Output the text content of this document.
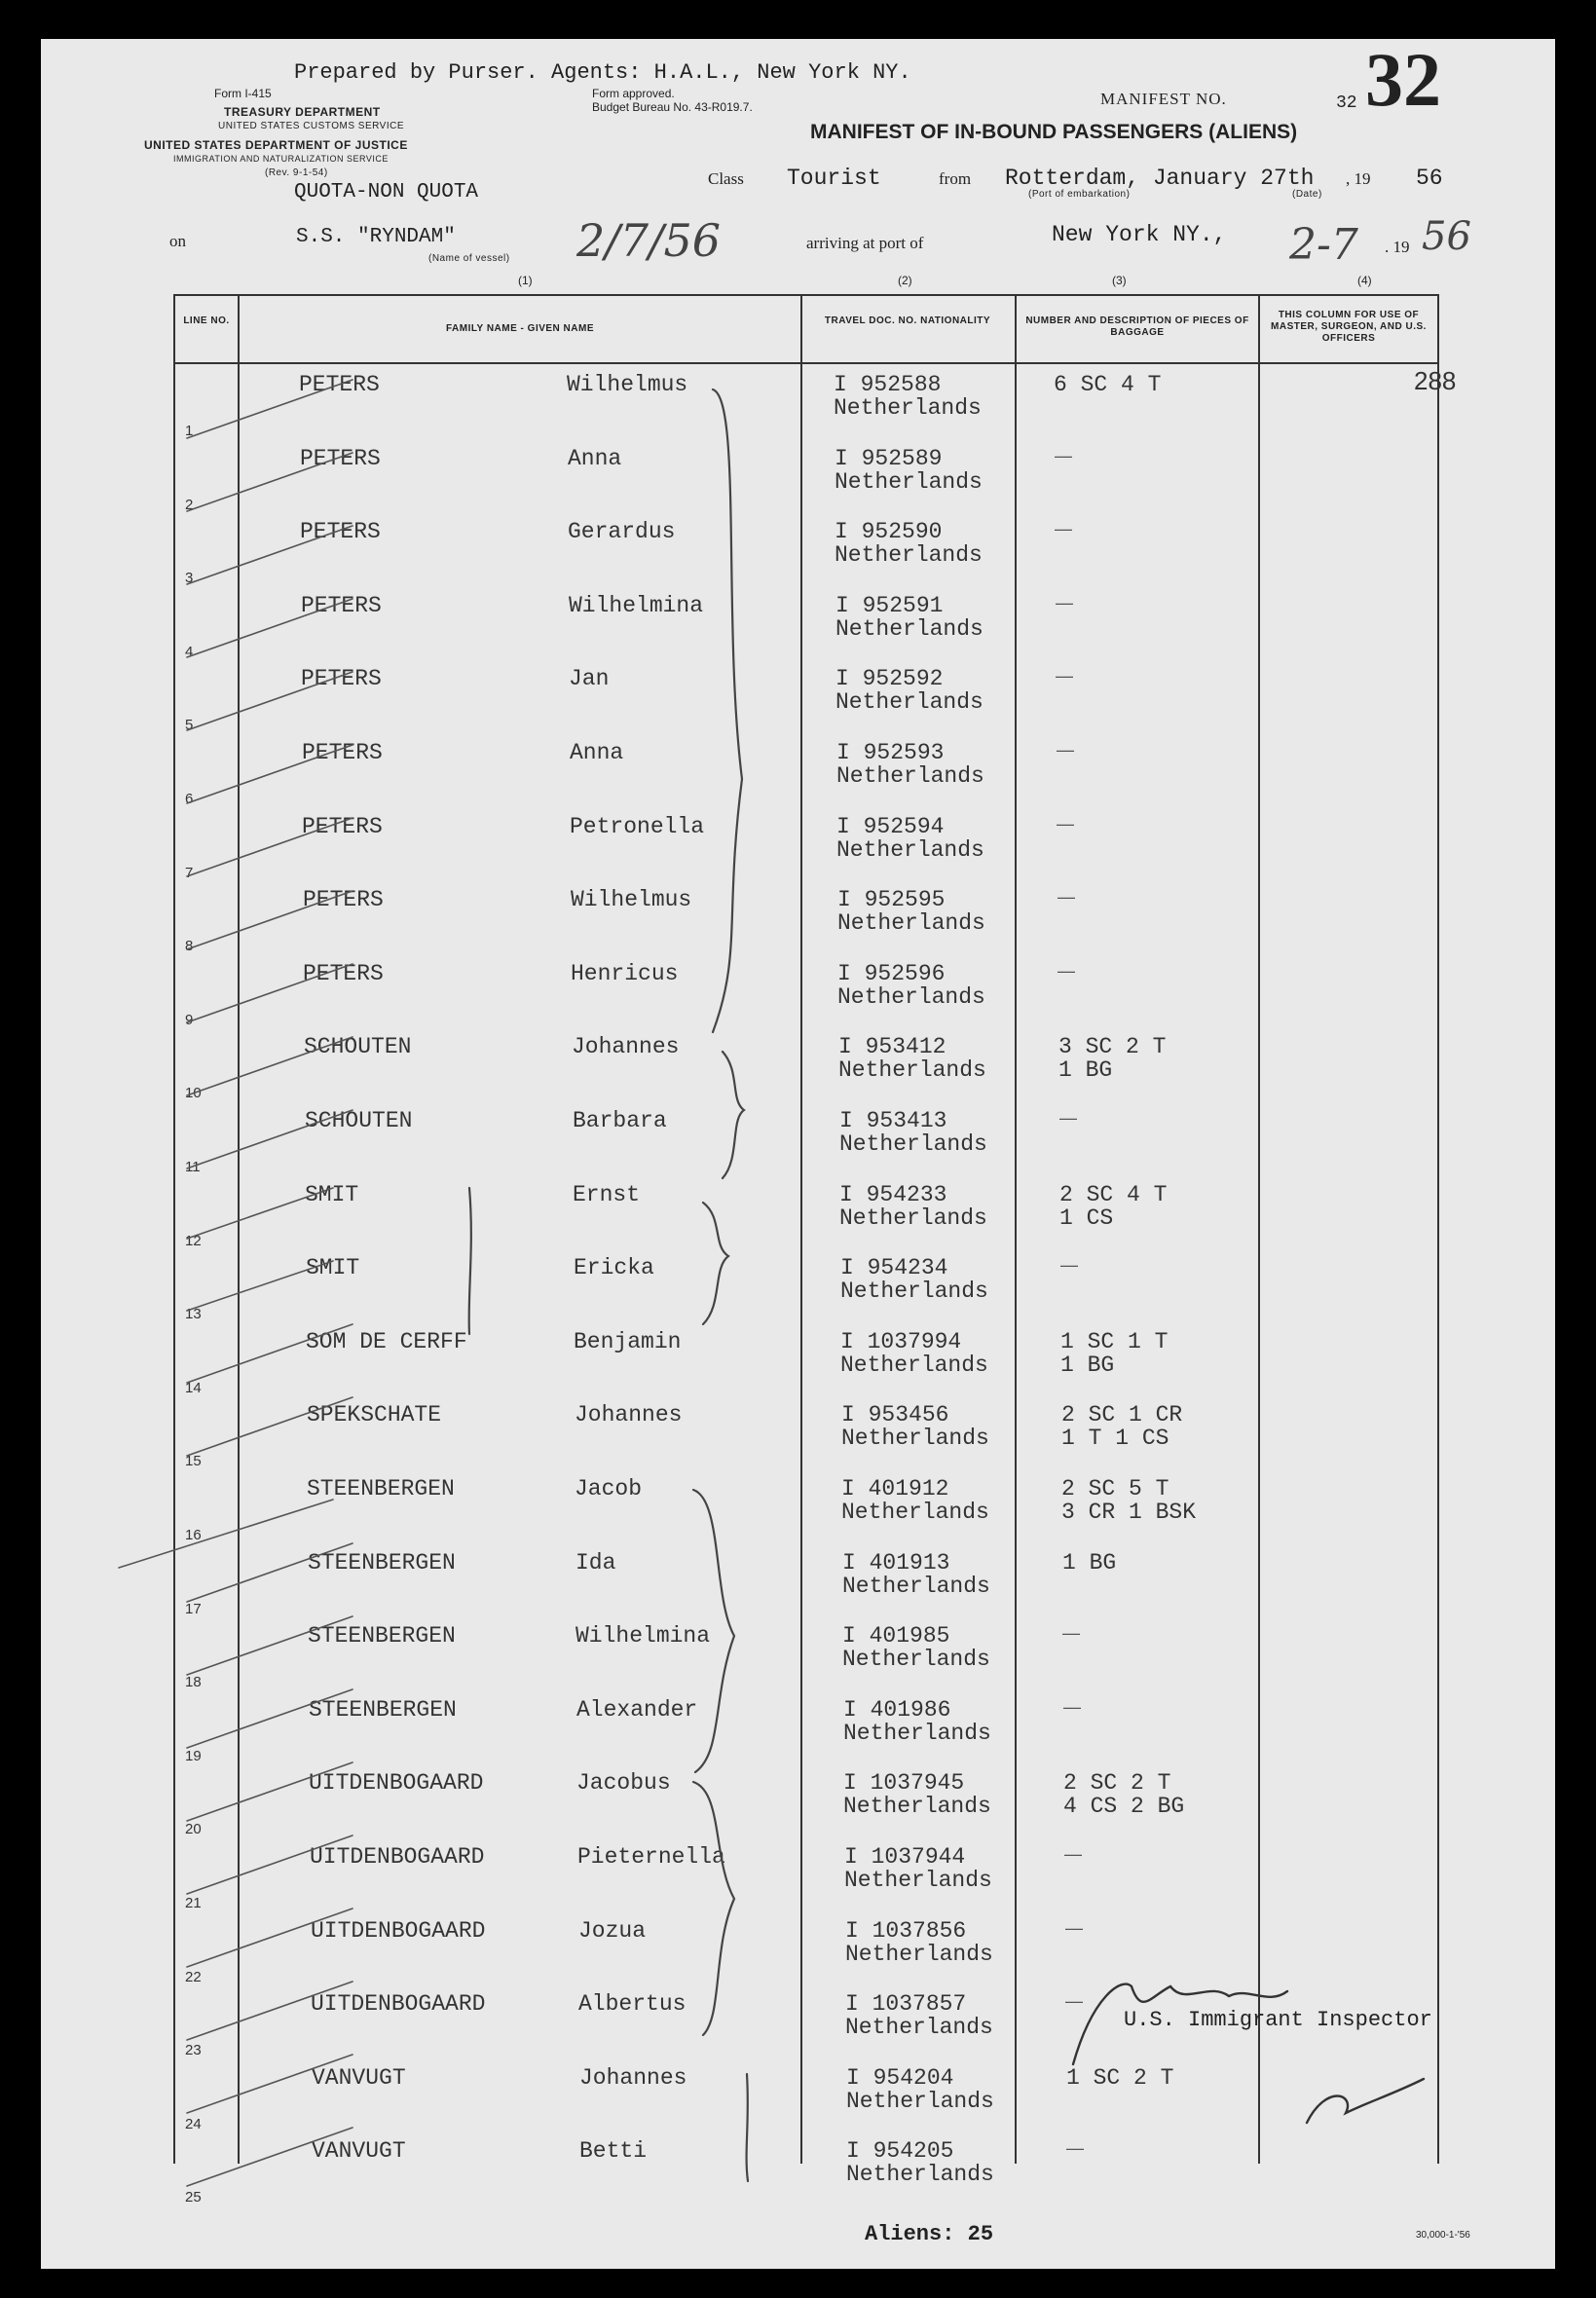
Prepared by Purser. Agents: H.A.L., New York NY.
Form I-415	Form approved.
Budget Bureau No. 43-R019.7.
TREASURY DEPARTMENT
UNITED STATES CUSTOMS SERVICE
UNITED STATES DEPARTMENT OF JUSTICE
IMMIGRATION AND NATURALIZATION SERVICE
(Rev. 9-1-54)
MANIFEST NO.	32 32
MANIFEST OF IN-BOUND PASSENGERS (ALIENS)
QUOTA-NON QUOTA
Class Tourist	from Rotterdam, January 27th , 19 56
(Port of embarkation)	(Date)
on	S.S. "RYNDAM"
(Name of vessel) 2/7/56	arriving at port of	New York NY., 2-7 . 19 56
(1)	(2)	(3)	(4)
LINE NO.
FAMILY NAME - GIVEN NAME
TRAVEL DOC. NO. NATIONALITY	NUMBER AND DESCRIPTION OF PIECES OF BAGGAGE
THIS COLUMN FOR USE OF MASTER, SURGEON, AND U.S. OFFICERS
1
PETERS	Wilhelmus	I 952588
Netherlands
6 SC 4 T	288
2
PETERS	Anna	I 952589
Netherlands
—
3
PETERS	Gerardus	I 952590
Netherlands
—
4
PETERS	Wilhelmina	I 952591
Netherlands
—
5
PETERS	Jan	I 952592
Netherlands
—
6
PETERS	Anna	I 952593
Netherlands
—
7
PETERS	Petronella	I 952594
Netherlands
—
8
PETERS	Wilhelmus	I 952595
Netherlands
—
9
PETERS	Henricus	I 952596
Netherlands
—
10
SCHOUTEN	Johannes	I 953412
Netherlands
3 SC 2 T
1 BG
11
SCHOUTEN	Barbara	I 953413
Netherlands
—
12
SMIT	Ernst	I 954233
Netherlands
2 SC 4 T
1 CS
13
SMIT	Ericka	I 954234
Netherlands
—
14
SOM DE CERFF	Benjamin	I 1037994
Netherlands
1 SC 1 T
1 BG
15
SPEKSCHATE	Johannes	I 953456
Netherlands
2 SC 1 CR
1 T 1 CS
16
STEENBERGEN	Jacob	I 401912
Netherlands
2 SC 5 T
3 CR 1 BSK
17
STEENBERGEN	Ida	I 401913
Netherlands
1 BG
18
STEENBERGEN	Wilhelmina	I 401985
Netherlands
—
19
STEENBERGEN	Alexander	I 401986
Netherlands
—
20
UITDENBOGAARD	Jacobus	I 1037945
Netherlands
2 SC 2 T
4 CS 2 BG
21
UITDENBOGAARD	Pieternella	I 1037944
Netherlands
—
22
UITDENBOGAARD	Jozua	I 1037856
Netherlands
—
23
UITDENBOGAARD	Albertus	I 1037857
Netherlands
—
24
VANVUGT	Johannes	I 954204
Netherlands
1 SC 2 T
25
VANVUGT	Betti	I 954205
Netherlands
—
U.S. Immigrant Inspector
Aliens: 25	30,000-1-'56
